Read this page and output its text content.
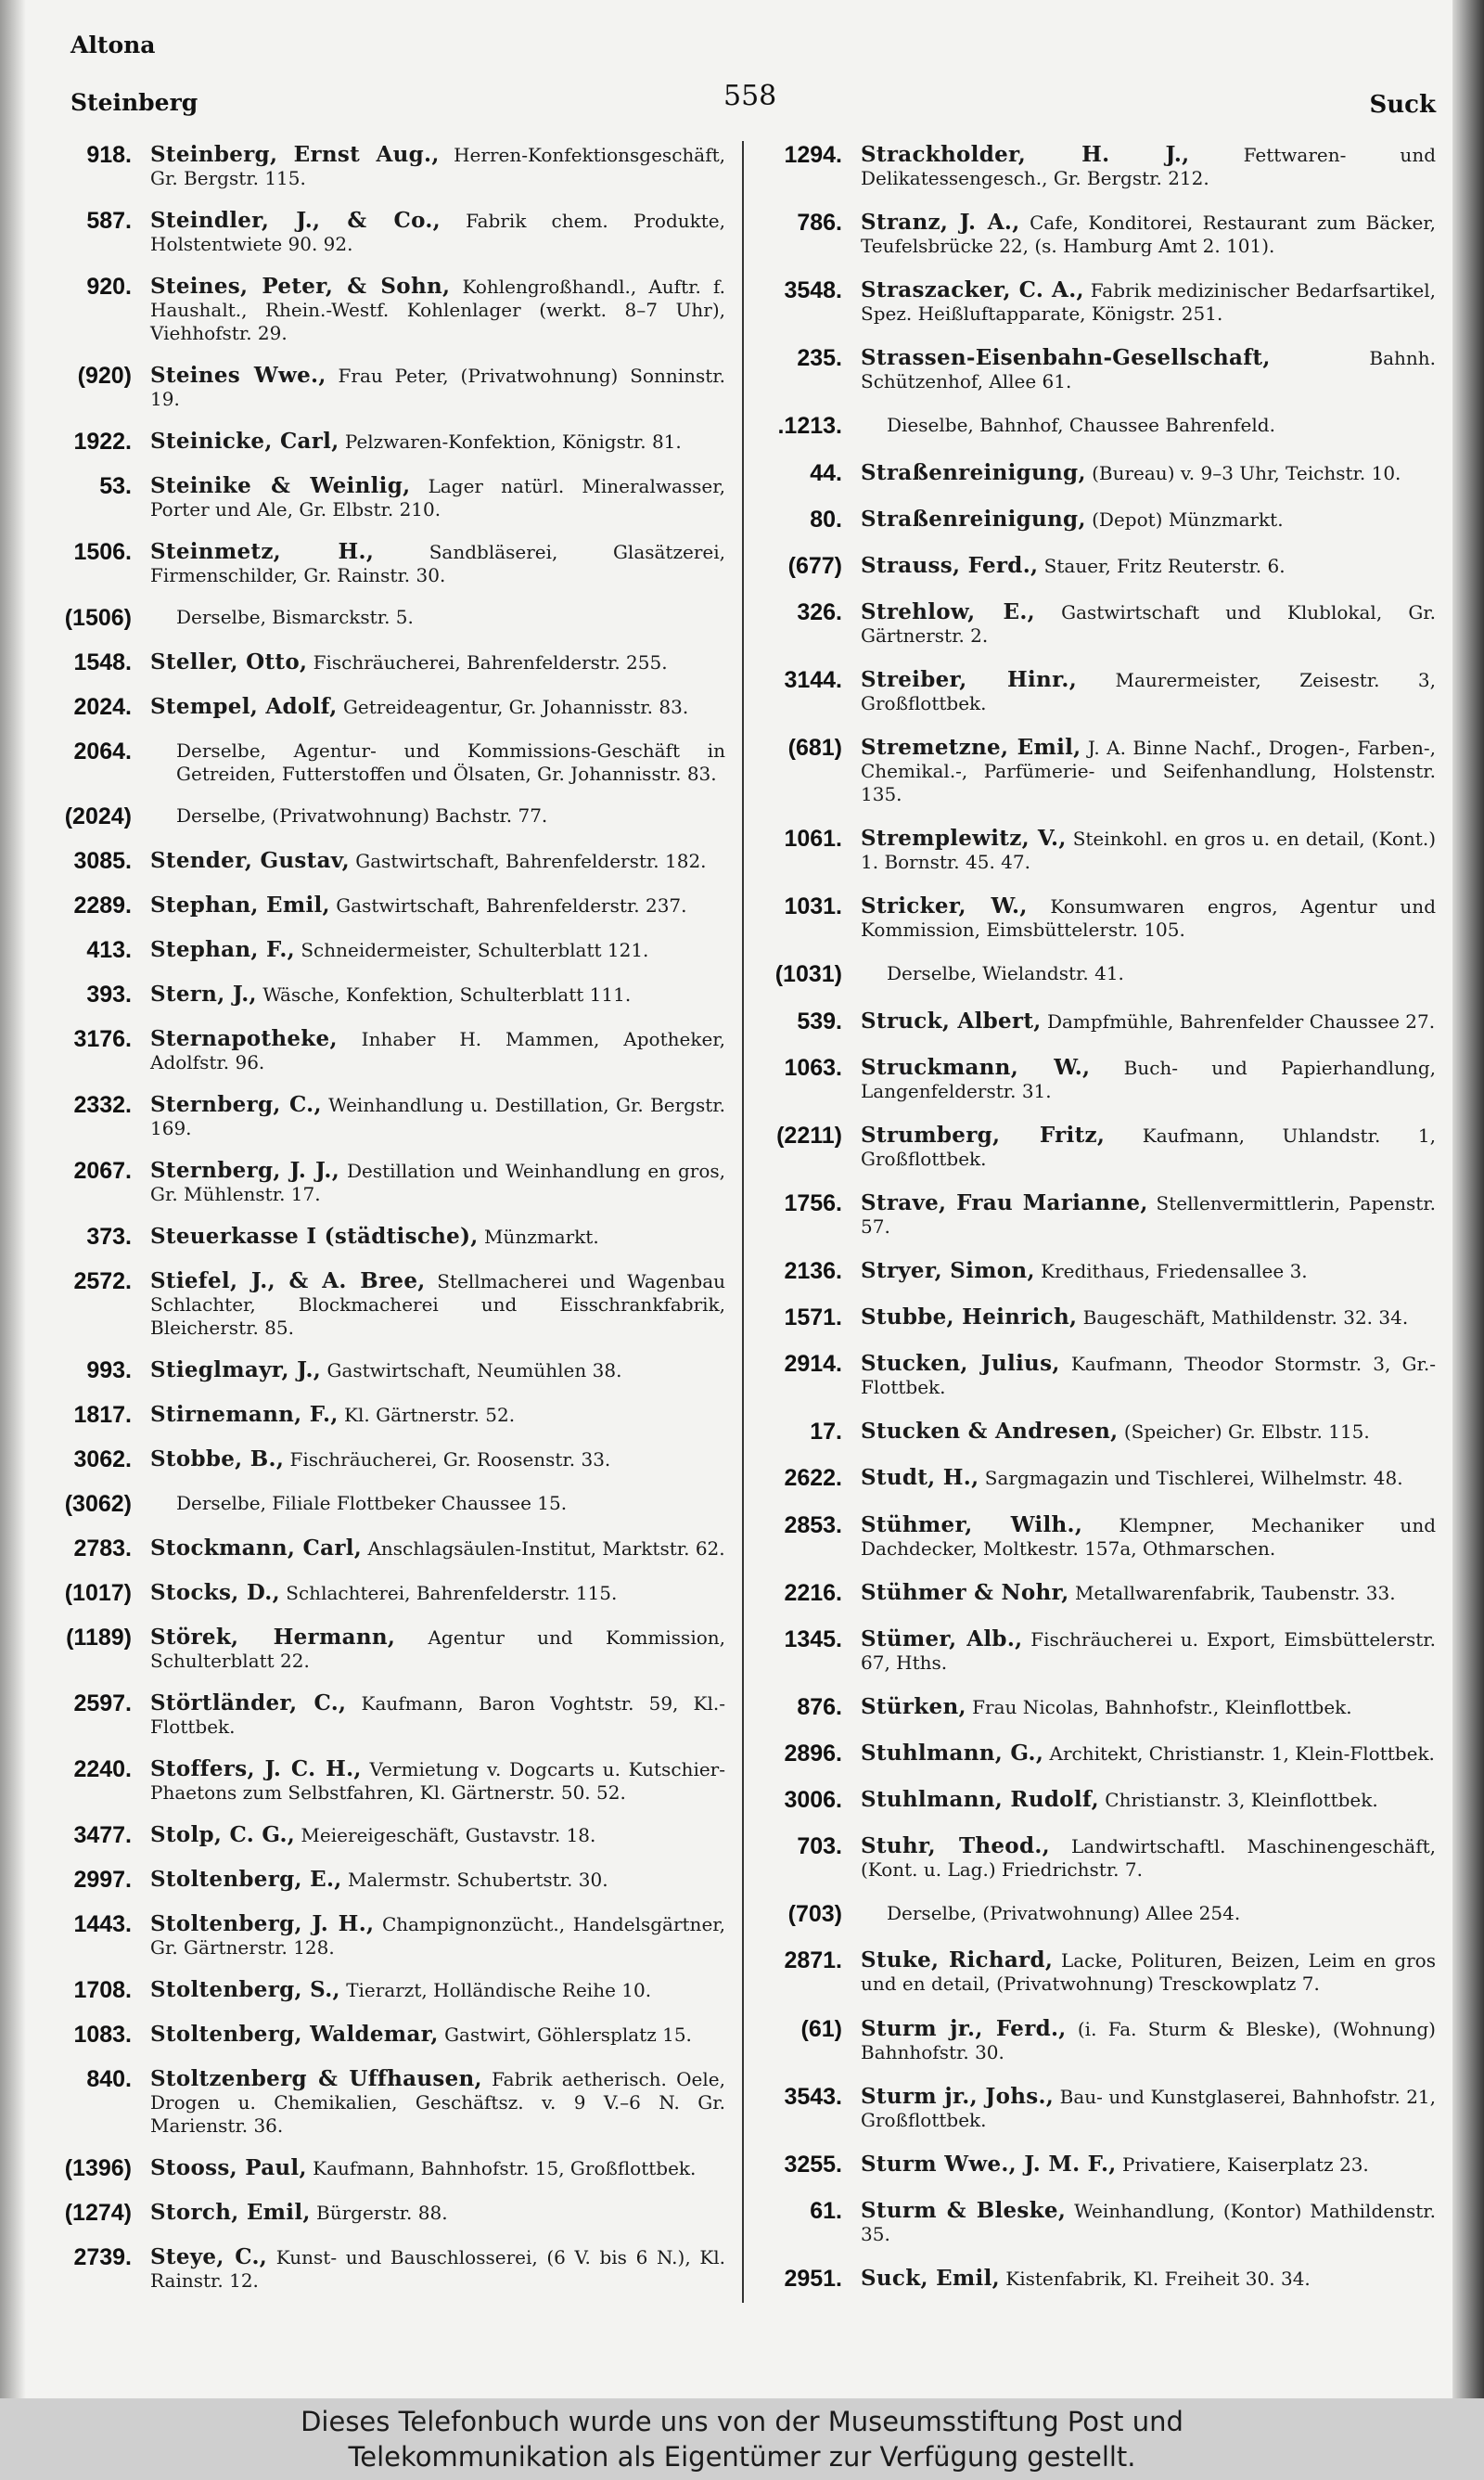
Altona
Steinberg	558	Suck
918. Steinberg, Ernst Aug., Herren-Konfektionsgeschäft, Gr. Bergstr. 115.
587. Steindler, J., & Co., Fabrik chem. Produkte, Holstentwiete 90. 92.
920. Steines, Peter, & Sohn, Kohlengroßhandl., Auftr. f. Haushalt., Rhein.-Westf. Kohlenlager (werkt. 8–7 Uhr), Viehhofstr. 29.
(920) Steines Wwe., Frau Peter, (Privatwohnung) Sonninstr. 19.
1922. Steinicke, Carl, Pelzwaren-Konfektion, Königstr. 81.
53. Steinike & Weinlig, Lager natürl. Mineralwasser, Porter und Ale, Gr. Elbstr. 210.
1506. Steinmetz, H.,	Sandbläserei, Glasätzerei, Firmenschilder, Gr. Rainstr. 30.
(1506)	Derselbe, Bismarckstr. 5.
1548. Steller, Otto, Fischräucherei, Bahrenfelderstr. 255.
2024. Stempel, Adolf, Getreideagentur, Gr. Johannisstr. 83.
2064.	Derselbe, Agentur- und Kommissions-Geschäft in Getreiden, Futterstoffen und Ölsaten, Gr. Johannisstr. 83.
(2024)	Derselbe, (Privatwohnung) Bachstr. 77.
3085. Stender, Gustav, Gastwirtschaft, Bahrenfelderstr. 182.
2289. Stephan, Emil, Gastwirtschaft, Bahrenfelderstr. 237.
413. Stephan, F., Schneidermeister, Schulterblatt 121.
393. Stern, J., Wäsche, Konfektion, Schulterblatt 111.
3176. Sternapotheke, Inhaber H. Mammen, Apotheker, Adolfstr. 96.
2332. Sternberg, C., Weinhandlung u. Destillation, Gr. Bergstr. 169.
2067. Sternberg, J. J., Destillation und Weinhandlung en gros, Gr. Mühlenstr. 17.
373. Steuerkasse I (städtische), Münzmarkt.
2572. Stiefel, J., & A. Bree, Stellmacherei und Wagenbau Schlachter, Blockmacherei und Eisschrankfabrik, Bleicherstr. 85.
993. Stieglmayr, J., Gastwirtschaft, Neumühlen 38.
1817. Stirnemann, F., Kl. Gärtnerstr. 52.
3062. Stobbe, B., Fischräucherei, Gr. Roosenstr. 33.
(3062)	Derselbe, Filiale Flottbeker Chaussee 15.
2783. Stockmann, Carl, Anschlagsäulen-Institut, Marktstr. 62.
(1017) Stocks, D., Schlachterei, Bahrenfelderstr. 115.
(1189) Störek, Hermann, Agentur und Kommission, Schulterblatt 22.
2597. Störtländer, C., Kaufmann, Baron Voghtstr. 59, Kl.-Flottbek.
2240. Stoffers, J. C. H., Vermietung v. Dogcarts u. Kutschier-Phaetons zum Selbstfahren, Kl. Gärtnerstr. 50. 52.
3477. Stolp, C. G., Meiereigeschäft, Gustavstr. 18.
2997. Stoltenberg, E., Malermstr. Schubertstr. 30.
1443. Stoltenberg, J. H., Champignonzücht., Handelsgärtner, Gr. Gärtnerstr. 128.
1708. Stoltenberg, S., Tierarzt, Holländische Reihe 10.
1083. Stoltenberg, Waldemar, Gastwirt, Göhlersplatz 15.
840. Stoltzenberg & Uffhausen, Fabrik aetherisch. Oele, Drogen u. Chemikalien, Geschäftsz. v. 9 V.–6 N. Gr. Marienstr. 36.
(1396) Stooss, Paul, Kaufmann, Bahnhofstr. 15, Großflottbek.
(1274) Storch, Emil, Bürgerstr. 88.
2739. Steye, C., Kunst- und Bauschlosserei, (6 V. bis 6 N.), Kl. Rainstr. 12.
1294. Strackholder, H. J.,	Fettwaren- und Delikatessengesch., Gr. Bergstr. 212.
786. Stranz, J. A., Cafe, Konditorei, Restaurant zum Bäcker, Teufelsbrücke 22, (s. Hamburg Amt 2. 101).
3548. Straszacker, C. A., Fabrik medizinischer Bedarfsartikel, Spez. Heißluftapparate, Königstr. 251.
235. Strassen-Eisenbahn-Gesellschaft,	Bahnh. Schützenhof, Allee 61.
.1213.	Dieselbe, Bahnhof, Chaussee Bahrenfeld.
44. Straßenreinigung, (Bureau) v. 9–3 Uhr, Teichstr. 10.
80. Straßenreinigung, (Depot) Münzmarkt.
(677) Strauss, Ferd., Stauer, Fritz Reuterstr. 6.
326. Strehlow, E., Gastwirtschaft und Klublokal, Gr. Gärtnerstr. 2.
3144. Streiber, Hinr., Maurermeister, Zeisestr. 3, Großflottbek.
(681) Stremetzne, Emil, J. A. Binne Nachf., Drogen-, Farben-, Chemikal.-, Parfümerie- und Seifenhandlung, Holstenstr. 135.
1061. Stremplewitz, V., Steinkohl. en gros u. en detail, (Kont.) 1. Bornstr. 45. 47.
1031. Stricker, W., Konsumwaren engros, Agentur und Kommission, Eimsbüttelerstr. 105.
(1031)	Derselbe, Wielandstr. 41.
539. Struck, Albert, Dampfmühle, Bahrenfelder Chaussee 27.
1063. Struckmann, W., Buch- und Papierhandlung, Langenfelderstr. 31.
(2211) Strumberg, Fritz, Kaufmann, Uhlandstr. 1, Großflottbek.
1756. Strave, Frau Marianne, Stellenvermittlerin, Papenstr. 57.
2136. Stryer, Simon, Kredithaus, Friedensallee 3.
1571. Stubbe, Heinrich, Baugeschäft, Mathildenstr. 32. 34.
2914. Stucken, Julius, Kaufmann, Theodor Stormstr. 3, Gr.-Flottbek.
17. Stucken & Andresen, (Speicher) Gr. Elbstr. 115.
2622. Studt, H., Sargmagazin und Tischlerei, Wilhelmstr. 48.
2853. Stühmer, Wilh., Klempner, Mechaniker und Dachdecker, Moltkestr. 157a, Othmarschen.
2216. Stühmer & Nohr, Metallwarenfabrik, Taubenstr. 33.
1345. Stümer, Alb., Fischräucherei u. Export, Eimsbüttelerstr. 67, Hths.
876. Stürken, Frau Nicolas, Bahnhofstr., Kleinflottbek.
2896. Stuhlmann, G., Architekt, Christianstr. 1, Klein-Flottbek.
3006. Stuhlmann, Rudolf, Christianstr. 3, Kleinflottbek.
703. Stuhr, Theod., Landwirtschaftl. Maschinengeschäft, (Kont. u. Lag.) Friedrichstr. 7.
(703)	Derselbe, (Privatwohnung) Allee 254.
2871. Stuke, Richard, Lacke, Polituren, Beizen, Leim en gros und en detail, (Privatwohnung) Tresckowplatz 7.
(61) Sturm jr., Ferd., (i. Fa. Sturm & Bleske), (Wohnung) Bahnhofstr. 30.
3543. Sturm jr., Johs., Bau- und Kunstglaserei, Bahnhofstr. 21, Großflottbek.
3255. Sturm Wwe., J. M. F., Privatiere, Kaiserplatz 23.
61. Sturm & Bleske, Weinhandlung, (Kontor) Mathildenstr. 35.
2951. Suck, Emil, Kistenfabrik, Kl. Freiheit 30. 34.
Dieses Telefonbuch wurde uns von der Museumsstiftung Post und
Telekommunikation als Eigentümer zur Verfügung gestellt.
